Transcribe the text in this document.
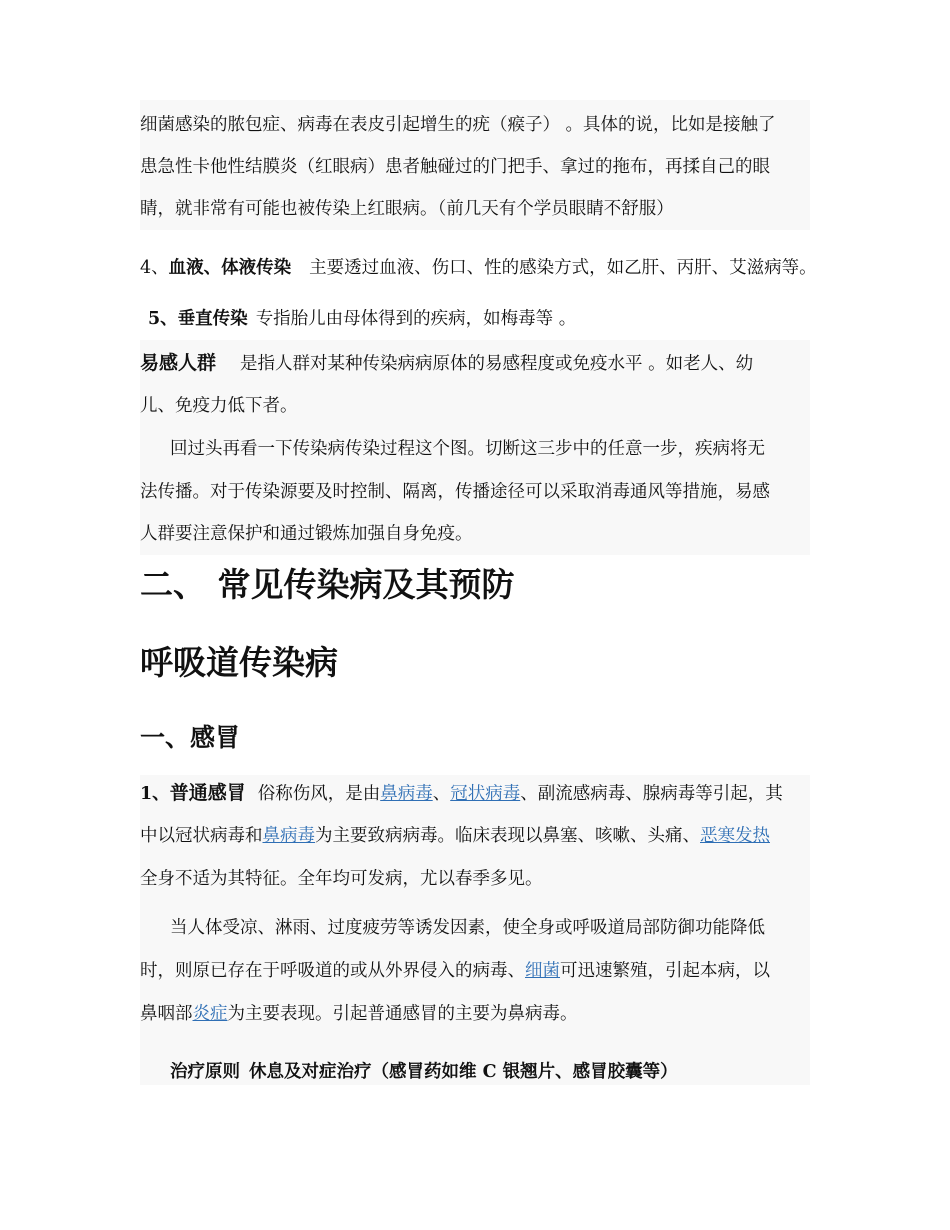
细菌感染的脓包症、病毒在表皮引起增生的疣（瘊子） 。具体的说，比如是接触了
患急性卡他性结膜炎（红眼病）患者触碰过的门把手、拿过的拖布，再揉自己的眼
睛，就非常有可能也被传染上红眼病。（前几天有个学员眼睛不舒服）
4、血液、体液传染 主要透过血液、伤口、性的感染方式，如乙肝、丙肝、艾滋病等。
5、垂直传染 专指胎儿由母体得到的疾病，如梅毒等 。
易感人群 是指人群对某种传染病病原体的易感程度或免疫水平 。如老人、幼
儿、免疫力低下者。
回过头再看一下传染病传染过程这个图。切断这三步中的任意一步，疾病将无
法传播。对于传染源要及时控制、隔离，传播途径可以采取消毒通风等措施，易感
人群要注意保护和通过锻炼加强自身免疫。
二、 常见传染病及其预防
呼吸道传染病
一、感冒
1、普通感冒 俗称伤风，是由鼻病毒、冠状病毒、副流感病毒、腺病毒等引起，其
中以冠状病毒和鼻病毒为主要致病病毒。临床表现以鼻塞、咳嗽、头痛、恶寒发热
全身不适为其特征。全年均可发病，尤以春季多见。
当人体受凉、淋雨、过度疲劳等诱发因素，使全身或呼吸道局部防御功能降低
时，则原已存在于呼吸道的或从外界侵入的病毒、细菌可迅速繁殖，引起本病，以
鼻咽部炎症为主要表现。引起普通感冒的主要为鼻病毒。
治疗原则 休息及对症治疗（感冒药如维 C 银翘片、感冒胶囊等）
